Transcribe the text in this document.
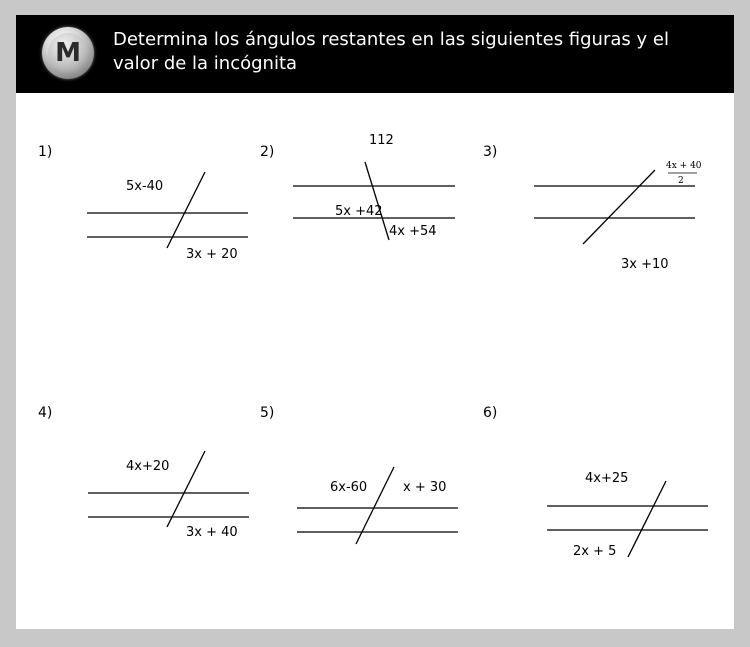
M	Determina los ángulos restantes en las siguientes figuras y el valor de la incógnita
1)	2)	3)
4)	5)	6)
5x-40
3x + 20
112
5x +42
4x +54
4x + 40
2
3x +10
4x+20
3x + 40
6x-60	x + 30
4x+25
2x + 5
